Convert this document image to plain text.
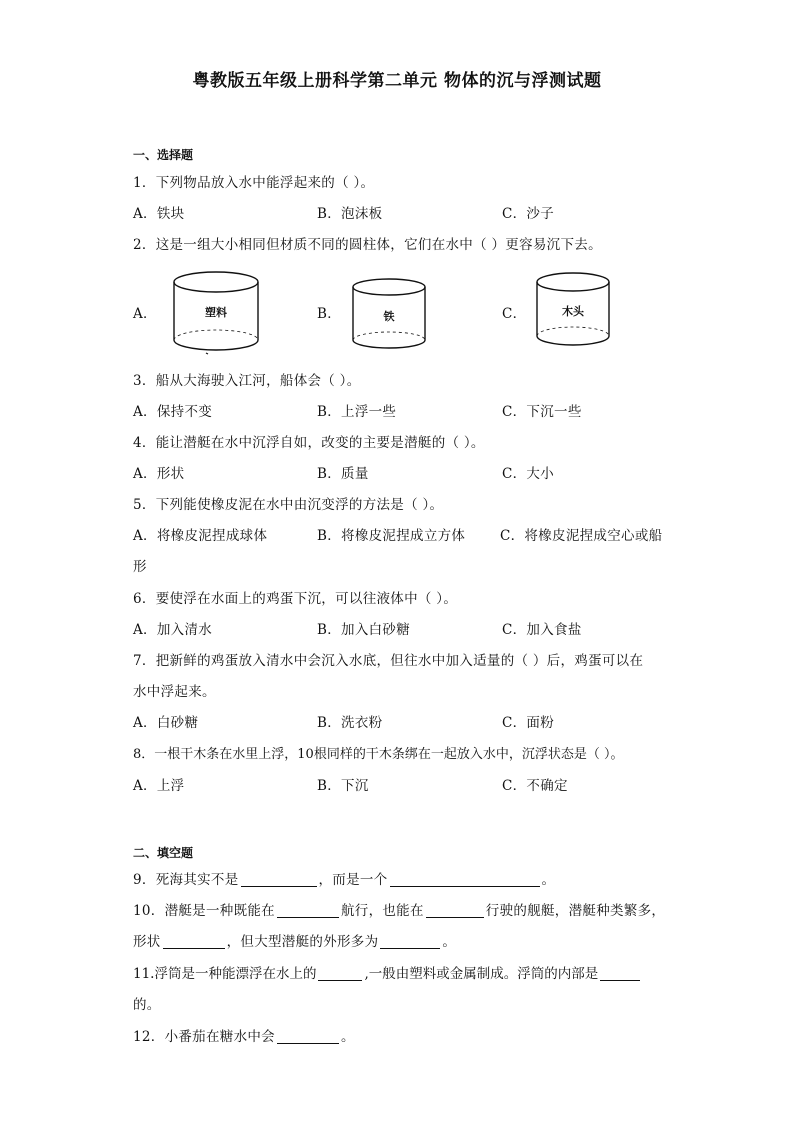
粤教版五年级上册科学第二单元 物体的沉与浮测试题
一、选择题
1．下列物品放入水中能浮起来的（ ）。
A．铁块	B．泡沫板	C．沙子
2．这是一组大小相同但材质不同的圆柱体，它们在水中（ ）更容易沉下去。
A．	B．	C．
塑料	铁	木头
3．船从大海驶入江河，船体会（ ）。
A．保持不变	B．上浮一些	C．下沉一些
4．能让潜艇在水中沉浮自如，改变的主要是潜艇的（ ）。
A．形状	B．质量	C．大小
5．下列能使橡皮泥在水中由沉变浮的方法是（ ）。
A．将橡皮泥捏成球体	B．将橡皮泥捏成立方体	C．将橡皮泥捏成空心或船
形
6．要使浮在水面上的鸡蛋下沉，可以往液体中（ ）。
A．加入清水	B．加入白砂糖	C．加入食盐
7．把新鲜的鸡蛋放入清水中会沉入水底，但往水中加入适量的（ ）后，鸡蛋可以在
水中浮起来。
A．白砂糖	B．洗衣粉	C．面粉
8．一根干木条在水里上浮，10根同样的干木条绑在一起放入水中，沉浮状态是（ ）。
A．上浮	B．下沉	C．不确定
二、填空题
9．死海其实不是	，而是一个	。
10．潜艇是一种既能在	航行，也能在	行驶的舰艇，潜艇种类繁多，
形状	，但大型潜艇的外形多为	。
11.浮筒是一种能漂浮在水上的	,一般由塑料或金属制成。浮筒的内部是
的。
12．小番茄在糖水中会	。
